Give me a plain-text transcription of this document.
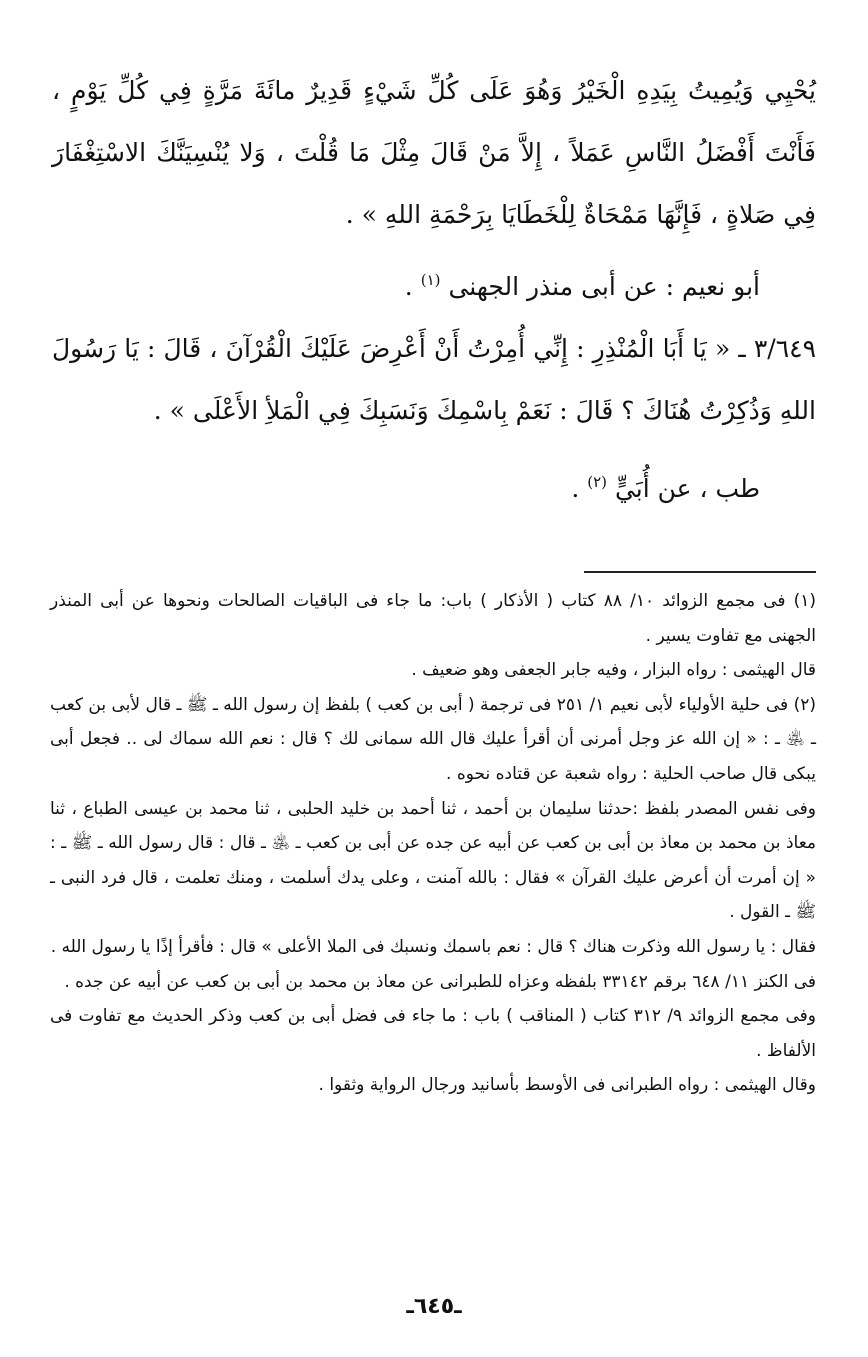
يُحْيِي وَيُمِيتُ بِيَدِهِ الْخَيْرُ وَهُوَ عَلَى كُلِّ شَيْءٍ قَدِيرٌ مائَةَ مَرَّةٍ فِي كُلِّ يَوْمٍ ، فَأَنْتَ أَفْضَلُ النَّاسِ عَمَلاً ، إِلاَّ مَنْ قَالَ مِثْلَ مَا قُلْتَ ، وَلا يُنْسِيَنَّكَ الاسْتِغْفَارَ فِي صَلاةٍ ، فَإِنَّهَا مَمْحَاةٌ لِلْخَطَايَا بِرَحْمَةِ اللهِ » .

أبو نعيم : عن أبى منذر الجهنى $^{(١)}$ .

٣/٦٤٩ ـ « يَا أَبَا الْمُنْذِرِ : إِنِّي أُمِرْتُ أَنْ أَعْرِضَ عَلَيْكَ الْقُرْآنَ ، قَالَ : يَا رَسُولَ اللهِ وَذُكِرْتُ هُنَاكَ ؟ قَالَ : نَعَمْ بِاسْمِكَ وَنَسَبِكَ فِي الْمَلأِ الأَعْلَى » .

طب ، عن أُبَيٍّ $^{(٢)}$ .

(١) فى مجمع الزوائد ١٠/ ٨٨ كتاب ( الأذكار ) باب: ما جاء فى الباقيات الصالحات ونحوها عن أبى المنذر الجهنى مع تفاوت يسير .

قال الهيثمى : رواه البزار ، وفيه جابر الجعفى وهو ضعيف .

(٢) فى حلية الأولياء لأبى نعيم ١/ ٢٥١ فى ترجمة ( أبى بن كعب ) بلفظ إن رسول الله ـ ﷺ ـ قال لأبى بن كعب ـ ﵁ ـ : « إن الله عز وجل أمرنى أن أقرأ عليك قال الله سمانى لك ؟ قال : نعم الله سماك لى .. فجعل أبى يبكى قال صاحب الحلية : رواه شعبة عن قتاده نحوه .

وفى نفس المصدر بلفظ :حدثنا سليمان بن أحمد ، ثنا أحمد بن خليد الحلبى ، ثنا محمد بن عيسى الطباع ، ثنا معاذ بن محمد بن معاذ بن أبى بن كعب عن أبيه عن جده عن أبى بن كعب ـ ﵁ ـ قال : قال رسول الله ـ ﷺ ـ : « إن أمرت أن أعرض عليك القرآن » فقال : بالله آمنت ، وعلى يدك أسلمت ، ومنك تعلمت ، قال فرد النبى ـ ﷺ ـ القول .

فقال : يا رسول الله وذكرت هناك ؟ قال : نعم باسمك ونسبك فى الملا الأعلى » قال : فأقرأ إذًا يا رسول الله .

فى الكنز ١١/ ٦٤٨ برقم ٣٣١٤٢ بلفظه وعزاه للطبرانى عن معاذ بن محمد بن أبى بن كعب عن أبيه عن جده .

وفى مجمع الزوائد ٩/ ٣١٢ كتاب ( المناقب ) باب : ما جاء فى فضل أبى بن كعب وذكر الحديث مع تفاوت فى الألفاظ .

وقال الهيثمى : رواه الطبرانى فى الأوسط بأسانيد ورجال الرواية وثقوا .

ـ٦٤٥ـ
